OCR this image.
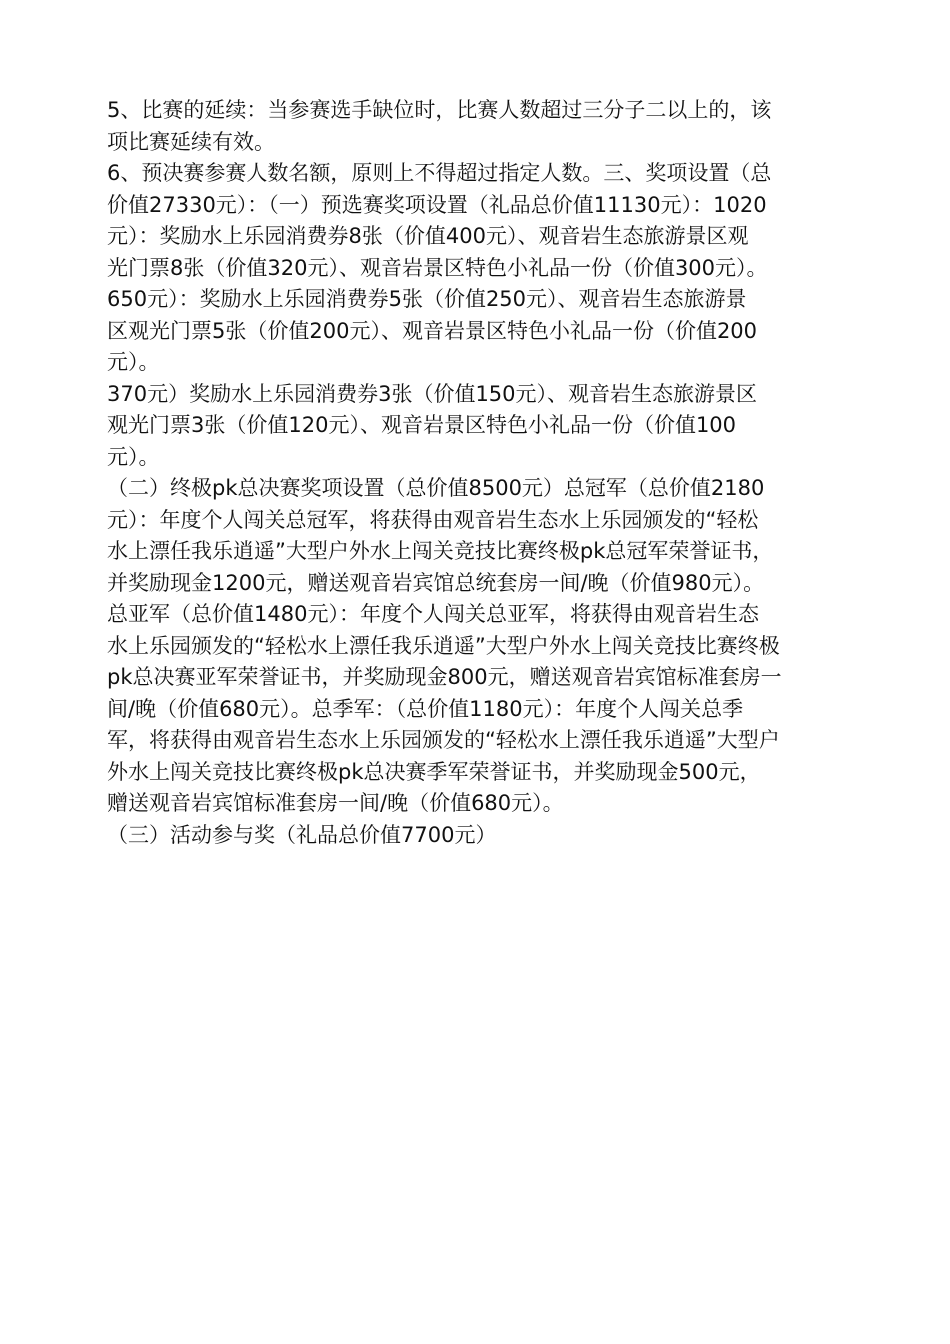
5、比赛的延续：当参赛选手缺位时，比赛人数超过三分子二以上的，该
项比赛延续有效。
6、预决赛参赛人数名额，原则上不得超过指定人数。三、奖项设置（总
价值27330元）：（一）预选赛奖项设置（礼品总价值11130元）：1020
元）：奖励水上乐园消费券8张（价值400元）、观音岩生态旅游景区观
光门票8张（价值320元）、观音岩景区特色小礼品一份（价值300元）。
650元）：奖励水上乐园消费券5张（价值250元）、观音岩生态旅游景
区观光门票5张（价值200元）、观音岩景区特色小礼品一份（价值200
元）。
370元）奖励水上乐园消费券3张（价值150元）、观音岩生态旅游景区
观光门票3张（价值120元）、观音岩景区特色小礼品一份（价值100
元）。
（二）终极pk总决赛奖项设置（总价值8500元）总冠军（总价值2180
元）：年度个人闯关总冠军，将获得由观音岩生态水上乐园颁发的“轻松
水上漂任我乐逍遥”大型户外水上闯关竞技比赛终极pk总冠军荣誉证书，
并奖励现金1200元，赠送观音岩宾馆总统套房一间/晚（价值980元）。
总亚军（总价值1480元）：年度个人闯关总亚军，将获得由观音岩生态
水上乐园颁发的“轻松水上漂任我乐逍遥”大型户外水上闯关竞技比赛终极
pk总决赛亚军荣誉证书，并奖励现金800元，赠送观音岩宾馆标准套房一
间/晚（价值680元）。总季军：（总价值1180元）：年度个人闯关总季
军，将获得由观音岩生态水上乐园颁发的“轻松水上漂任我乐逍遥”大型户
外水上闯关竞技比赛终极pk总决赛季军荣誉证书，并奖励现金500元，
赠送观音岩宾馆标准套房一间/晚（价值680元）。
（三）活动参与奖（礼品总价值7700元）
